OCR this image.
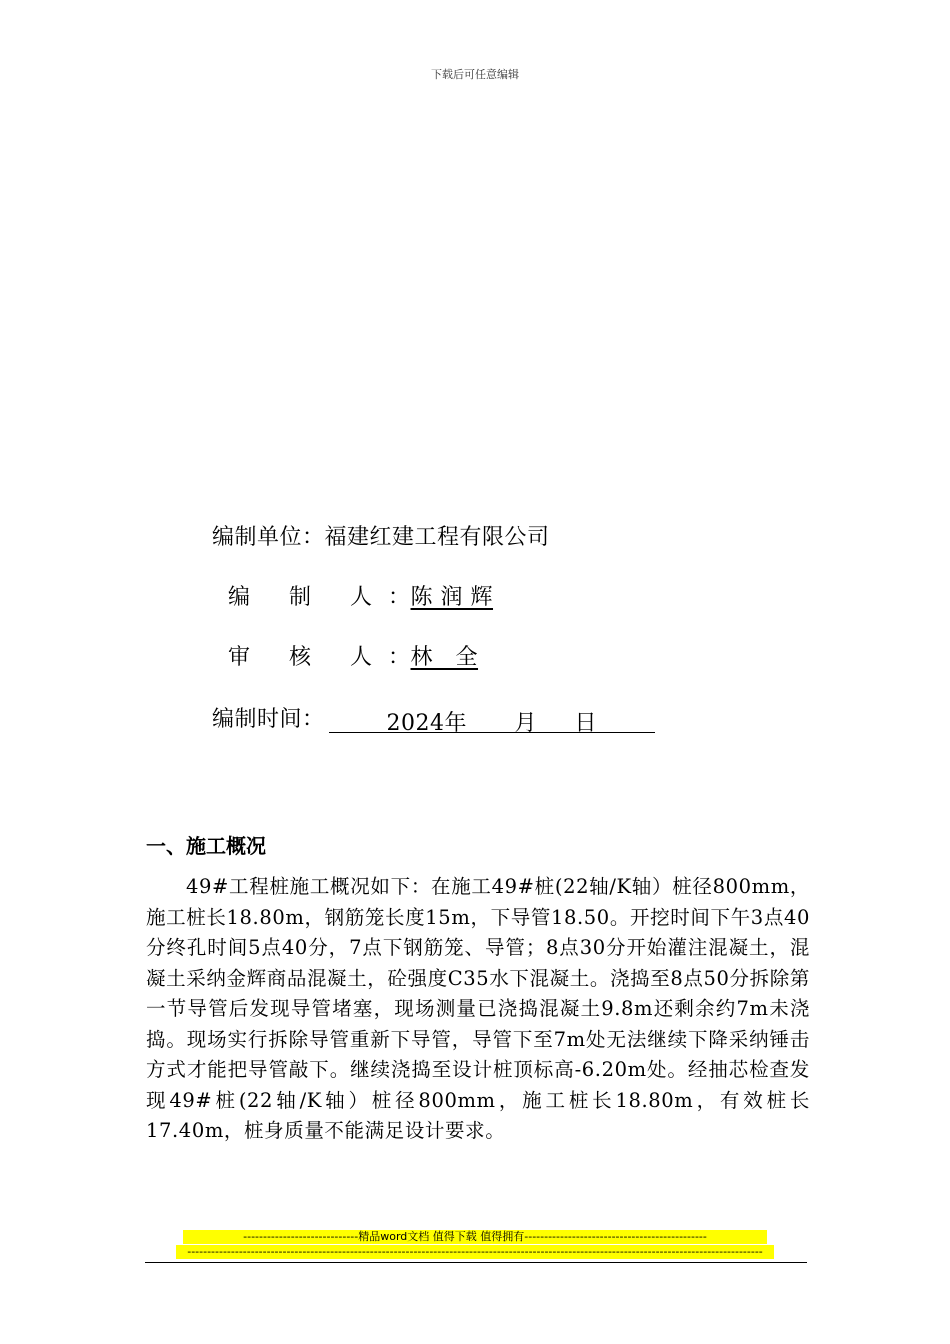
下载后可任意编辑
编制单位：福建红建工程有限公司
编 制 人：陈 润 辉
审 核 人：林　全
编制时间：	2024年 月 日
一、施工概况
49#工程桩施工概况如下：在施工49#桩(22轴/K轴）桩径800mm，施工桩长18.80m，钢筋笼长度15m，下导管18.50。开挖时间下午3点40分终孔时间5点40分，7点下钢筋笼、导管；8点30分开始灌注混凝土，混凝土采纳金辉商品混凝土，砼强度C35水下混凝土。浇捣至8点50分拆除第一节导管后发现导管堵塞，现场测量已浇捣混凝土9.8m还剩余约7m未浇捣。现场实行拆除导管重新下导管，导管下至7m处无法继续下降采纳锤击方式才能把导管敲下。继续浇捣至设计桩顶标高-6.20m处。经抽芯检查发现49#桩(22轴/K轴）桩径800mm，施工桩长18.80m，有效桩长17.40m，桩身质量不能满足设计要求。
-----------------------------精品word文档 值得下载 值得拥有----------------------------------------------
-------------------------------------------------------------------------------------------------------------------------------------------------
